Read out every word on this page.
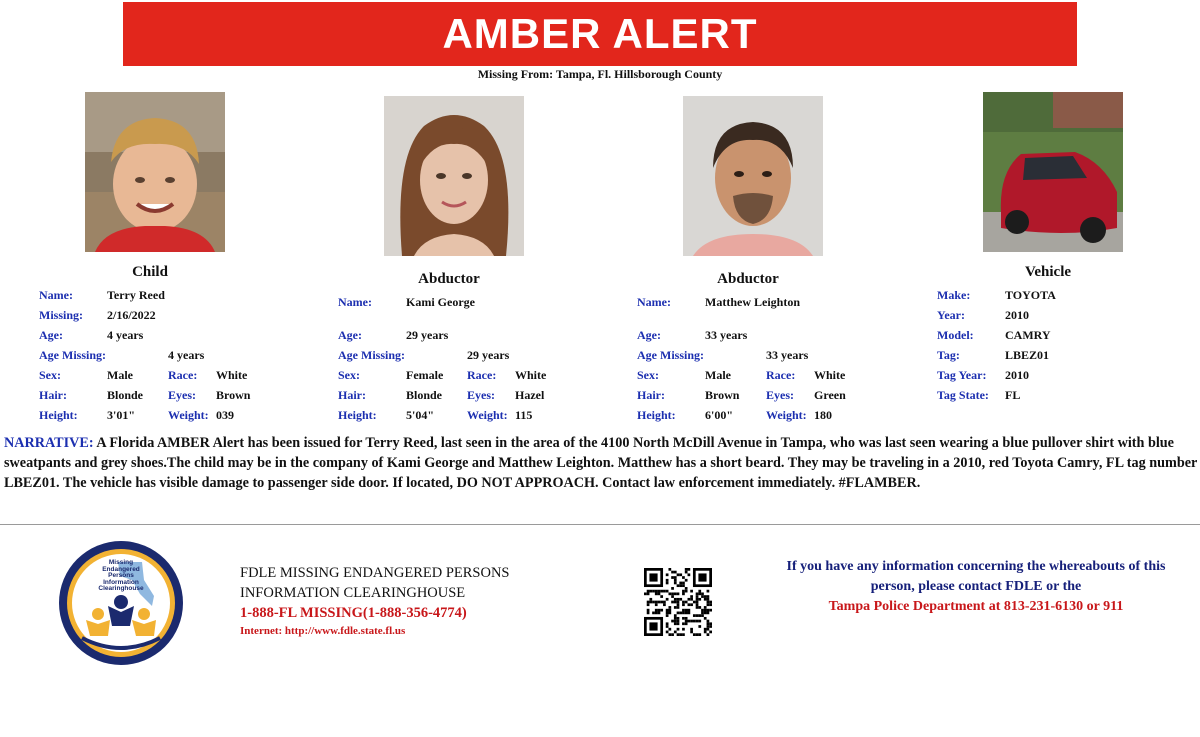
AMBER ALERT
Missing From: Tampa, Fl. Hillsborough County
Child	Abductor	Abductor	Vehicle
Name:	Terry Reed
Missing: 2/16/2022
Age:	4 years
Age Missing:	4 years
Sex:	Male	Race: White
Hair:	Blonde Eyes: Brown
Height: 3'01"	Weight: 039
Name:	Kami George
Age:	29 years
Age Missing:	29 years
Sex:	Female Race: White
Hair:	Blonde Eyes: Hazel
Height: 5'04"	Weight: 115
Name:	Matthew Leighton
Age:	33 years
Age Missing:	33 years
Sex:	Male	Race: White
Hair:	Brown Eyes: Green
Height: 6'00"	Weight: 180
Make:	TOYOTA
Year:	2010
Model:	CAMRY
Tag:	LBEZ01
Tag Year: 2010
Tag State: FL
NARRATIVE: A Florida AMBER Alert has been issued for Terry Reed, last seen in the area of the 4100 North McDill Avenue in Tampa, who was last seen wearing a blue pullover shirt with blue sweatpants and grey shoes.The child may be in the company of Kami George and Matthew Leighton. Matthew has a short beard. They may be traveling in a 2010, red Toyota Camry, FL tag number LBEZ01. The vehicle has visible damage to passenger side door. If located, DO NOT APPROACH. Contact law enforcement immediately. #FLAMBER.
Missing
Endangered
Persons
Information
Clearinghouse
FDLE MISSING ENDANGERED PERSONS
INFORMATION CLEARINGHOUSE
1-888-FL MISSING(1-888-356-4774)
Internet: http://www.fdle.state.fl.us
If you have any information concerning the whereabouts of this
person, please contact FDLE or the
Tampa Police Department at 813-231-6130 or 911
